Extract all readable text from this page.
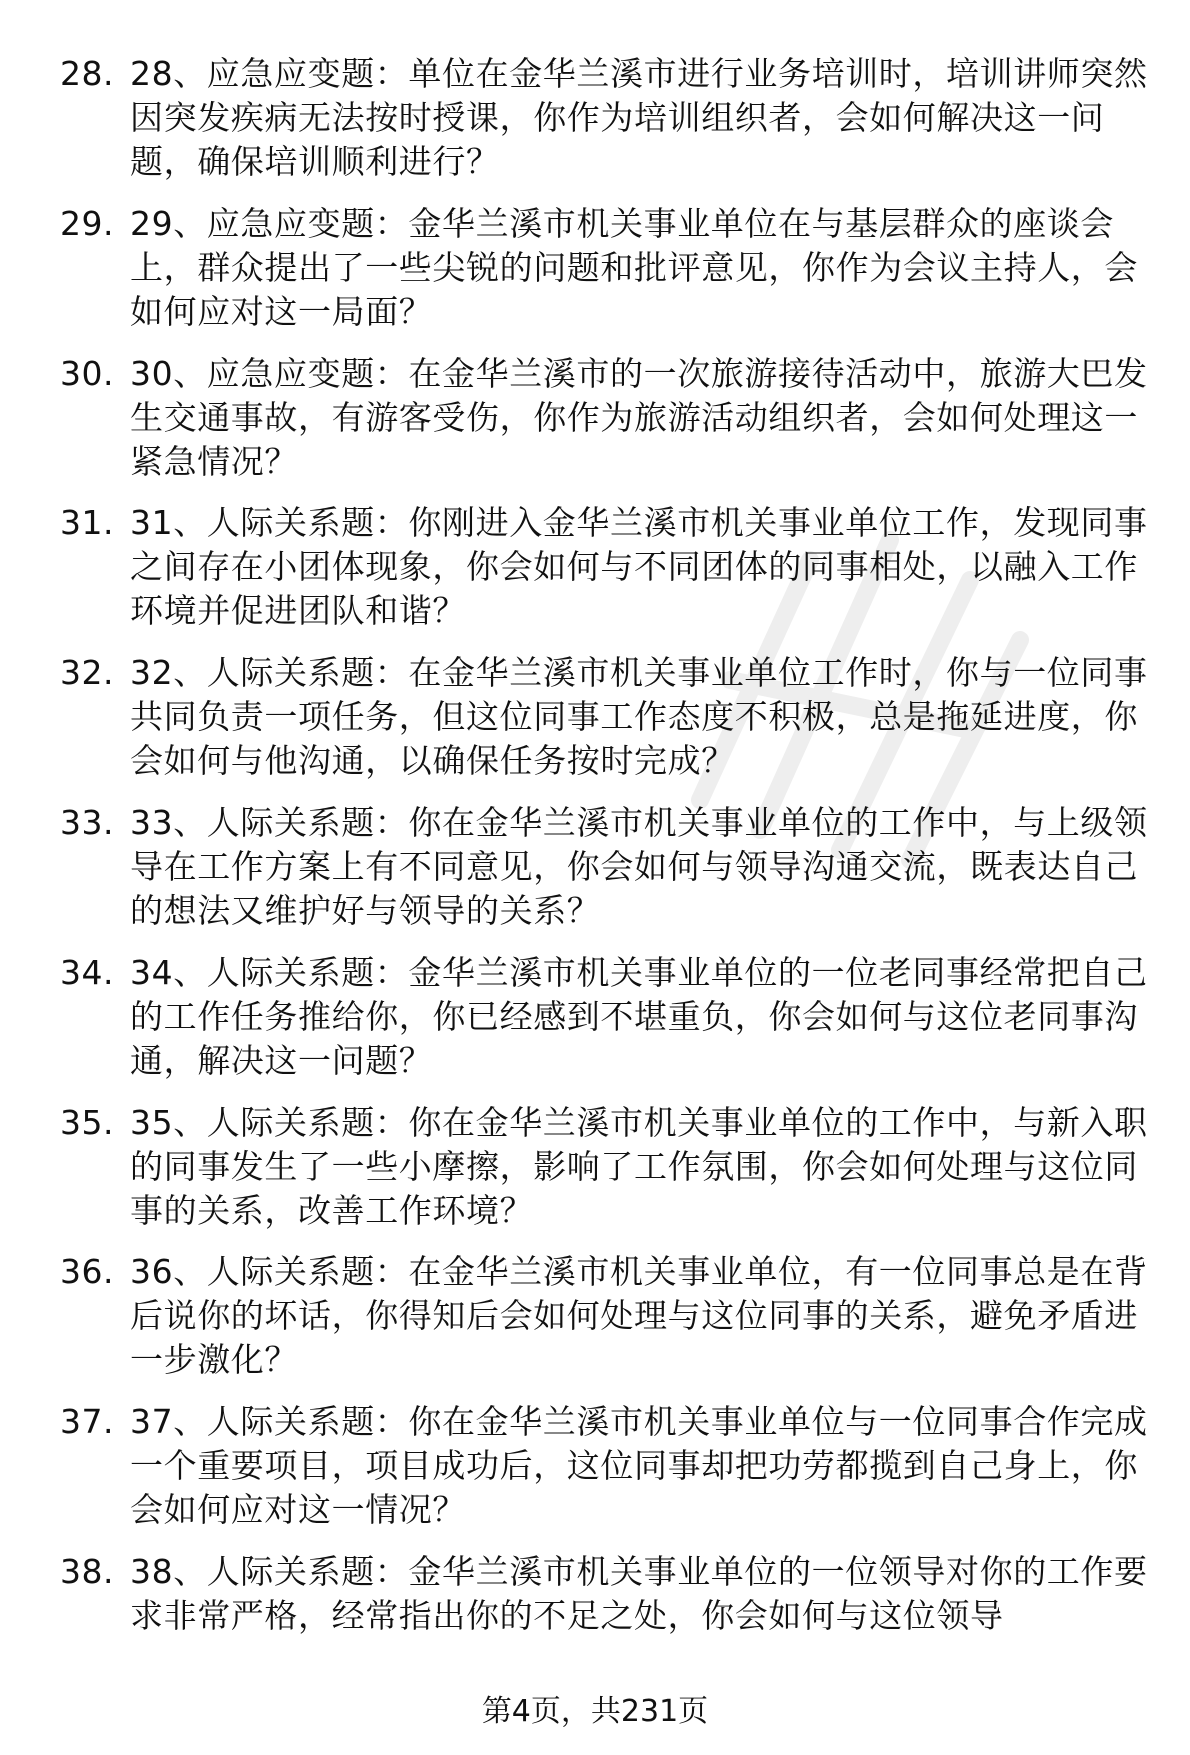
28. 28、应急应变题：单位在金华兰溪市进行业务培训时，培训讲师突然因突发疾病无法按时授课，你作为培训组织者，会如何解决这一问题，确保培训顺利进行？
29. 29、应急应变题：金华兰溪市机关事业单位在与基层群众的座谈会上，群众提出了一些尖锐的问题和批评意见，你作为会议主持人，会如何应对这一局面？
30. 30、应急应变题：在金华兰溪市的一次旅游接待活动中，旅游大巴发生交通事故，有游客受伤，你作为旅游活动组织者，会如何处理这一紧急情况？
31. 31、人际关系题：你刚进入金华兰溪市机关事业单位工作，发现同事之间存在小团体现象，你会如何与不同团体的同事相处，以融入工作环境并促进团队和谐？
32. 32、人际关系题：在金华兰溪市机关事业单位工作时，你与一位同事共同负责一项任务，但这位同事工作态度不积极，总是拖延进度，你会如何与他沟通，以确保任务按时完成？
33. 33、人际关系题：你在金华兰溪市机关事业单位的工作中，与上级领导在工作方案上有不同意见，你会如何与领导沟通交流，既表达自己的想法又维护好与领导的关系？
34. 34、人际关系题：金华兰溪市机关事业单位的一位老同事经常把自己的工作任务推给你，你已经感到不堪重负，你会如何与这位老同事沟通，解决这一问题？
35. 35、人际关系题：你在金华兰溪市机关事业单位的工作中，与新入职的同事发生了一些小摩擦，影响了工作氛围，你会如何处理与这位同事的关系，改善工作环境？
36. 36、人际关系题：在金华兰溪市机关事业单位，有一位同事总是在背后说你的坏话，你得知后会如何处理与这位同事的关系，避免矛盾进一步激化？
37. 37、人际关系题：你在金华兰溪市机关事业单位与一位同事合作完成一个重要项目，项目成功后，这位同事却把功劳都揽到自己身上，你会如何应对这一情况？
38. 38、人际关系题：金华兰溪市机关事业单位的一位领导对你的工作要求非常严格，经常指出你的不足之处，你会如何与这位领导
第4页，共231页
